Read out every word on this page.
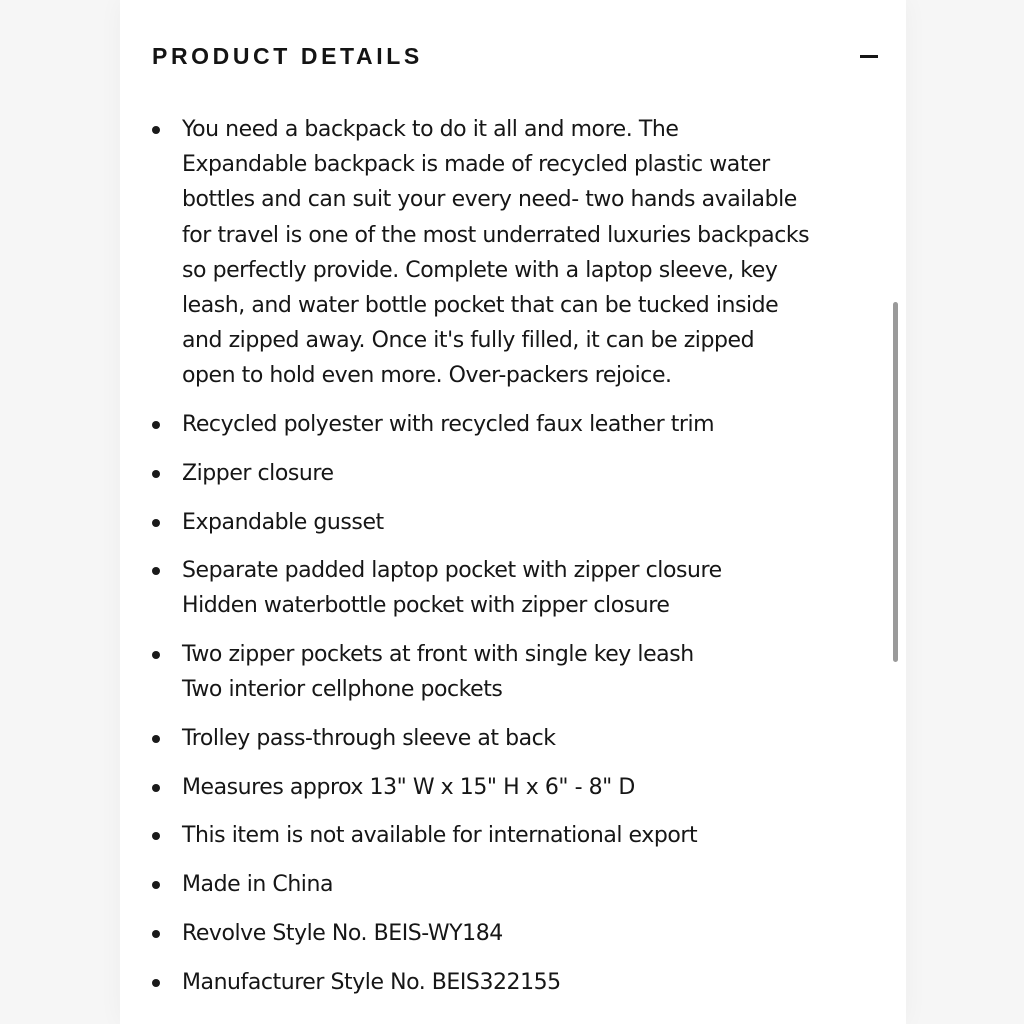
PRODUCT DETAILS
You need a backpack to do it all and more. The
Expandable backpack is made of recycled plastic water
bottles and can suit your every need- two hands available
for travel is one of the most underrated luxuries backpacks
so perfectly provide. Complete with a laptop sleeve, key
leash, and water bottle pocket that can be tucked inside
and zipped away. Once it's fully filled, it can be zipped
open to hold even more. Over-packers rejoice.
Recycled polyester with recycled faux leather trim
Zipper closure
Expandable gusset
Separate padded laptop pocket with zipper closure
Hidden waterbottle pocket with zipper closure
Two zipper pockets at front with single key leash
Two interior cellphone pockets
Trolley pass-through sleeve at back
Measures approx 13" W x 15" H x 6" - 8" D
This item is not available for international export
Made in China
Revolve Style No. BEIS-WY184
Manufacturer Style No. BEIS322155
